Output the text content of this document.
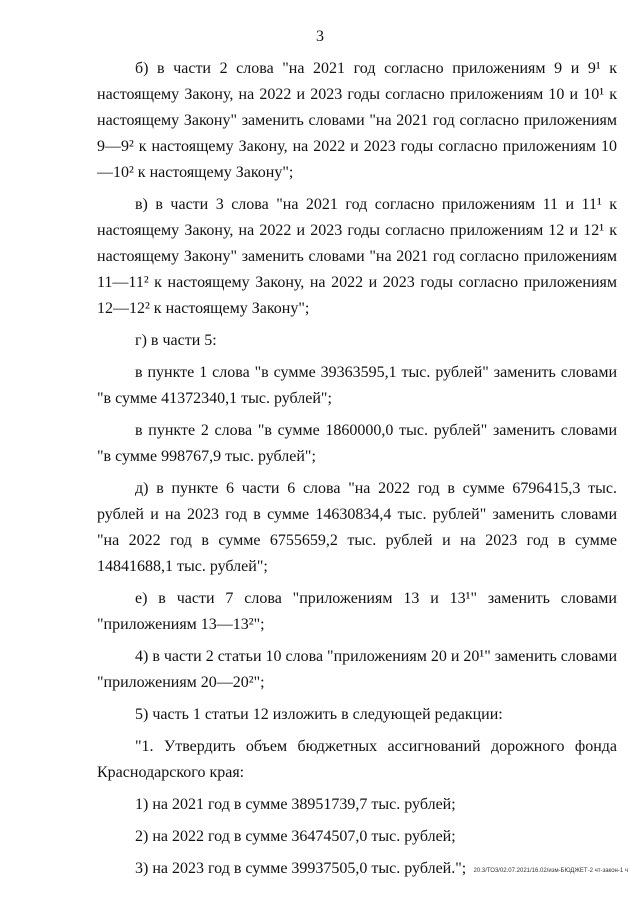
3

б) в части 2 слова "на 2021 год согласно приложениям 9 и 9¹ к настоящему Закону, на 2022 и 2023 годы согласно приложениям 10 и 10¹ к настоящему Закону" заменить словами "на 2021 год согласно приложениям 9—9² к настоящему Закону, на 2022 и 2023 годы согласно приложениям 10—10² к настоящему Закону";

в) в части 3 слова "на 2021 год согласно приложениям 11 и 11¹ к настоящему Закону, на 2022 и 2023 годы согласно приложениям 12 и 12¹ к настоящему Закону" заменить словами "на 2021 год согласно приложениям 11—11² к настоящему Закону, на 2022 и 2023 годы согласно приложениям 12—12² к настоящему Закону";

г) в части 5:

в пункте 1 слова "в сумме 39363595,1 тыс. рублей" заменить словами "в сумме 41372340,1 тыс. рублей";

в пункте 2 слова "в сумме 1860000,0 тыс. рублей" заменить словами "в сумме 998767,9 тыс. рублей";

д) в пункте 6 части 6 слова "на 2022 год в сумме 6796415,3 тыс. рублей и на 2023 год в сумме 14630834,4 тыс. рублей" заменить словами "на 2022 год в сумме 6755659,2 тыс. рублей и на 2023 год в сумме 14841688,1 тыс. рублей";

е) в части 7 слова "приложениям 13 и 13¹" заменить словами "приложениям 13—13²";

4) в части 2 статьи 10 слова "приложениям 20 и 20¹" заменить словами "приложениям 20—20²";

5) часть 1 статьи 12 изложить в следующей редакции:

"1. Утвердить объем бюджетных ассигнований дорожного фонда Краснодарского края:

1) на 2021 год в сумме 38951739,7 тыс. рублей;

2) на 2022 год в сумме 36474507,0 тыс. рублей;

3) на 2023 год в сумме 39937505,0 тыс. рублей.";	20.3/ТО3/02.07.2021/16.02/изм-БЮДЖЕТ-2 чт-закон-1 ч
